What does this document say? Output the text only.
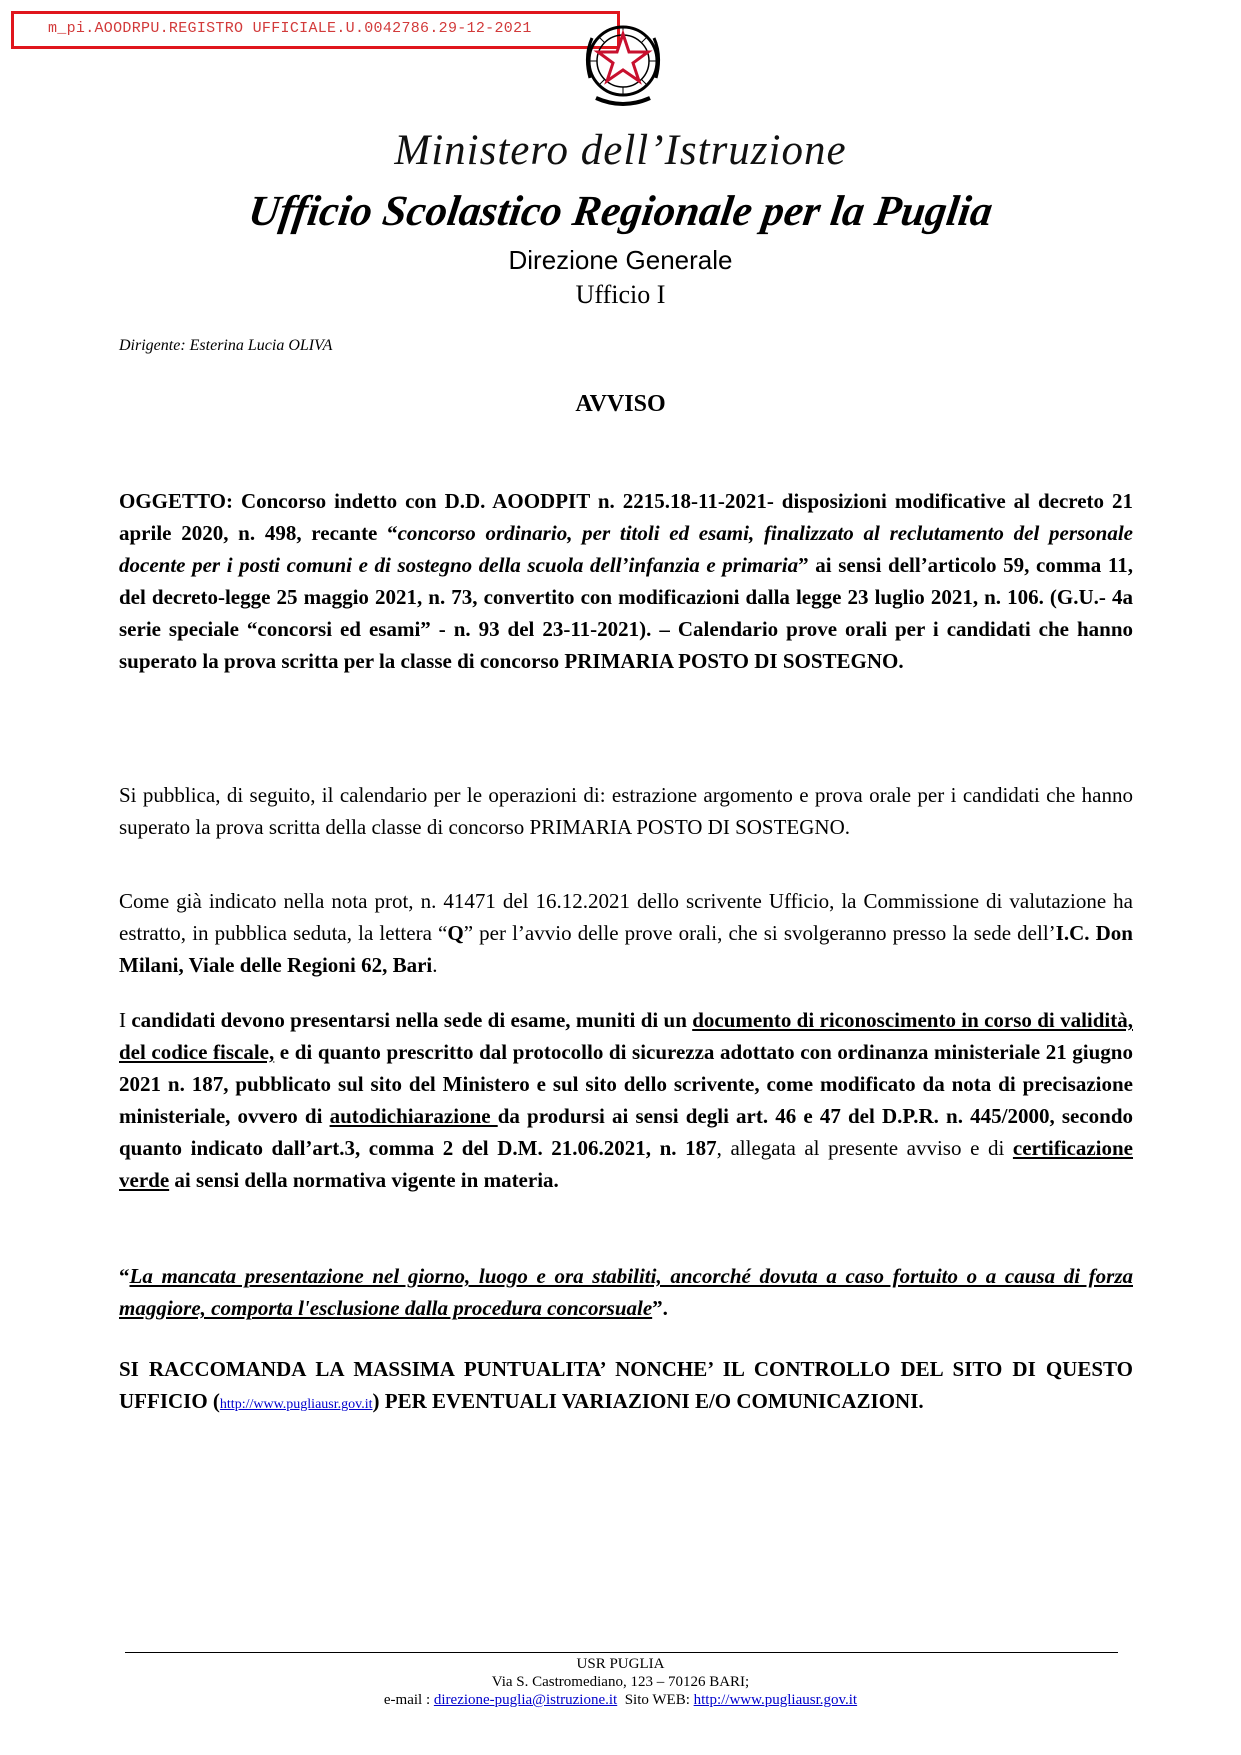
m_pi.AOODRPU.REGISTRO UFFICIALE.U.0042786.29-12-2021
Ministero dell’Istruzione
Ufficio Scolastico Regionale per la Puglia
Direzione Generale
Ufficio I
Dirigente: Esterina Lucia OLIVA
AVVISO
OGGETTO: Concorso indetto con D.D. AOODPIT n. 2215.18-11-2021- disposizioni modificative al decreto 21 aprile 2020, n. 498, recante “concorso ordinario, per titoli ed esami, finalizzato al reclutamento del personale docente per i posti comuni e di sostegno della scuola dell’infanzia e primaria” ai sensi dell’articolo 59, comma 11, del decreto-legge 25 maggio 2021, n. 73, convertito con modificazioni dalla legge 23 luglio 2021, n. 106. (G.U.- 4a serie speciale “concorsi ed esami” - n. 93 del 23-11-2021). – Calendario prove orali per i candidati che hanno superato la prova scritta per la classe di concorso PRIMARIA POSTO DI SOSTEGNO.
Si pubblica, di seguito, il calendario per le operazioni di: estrazione argomento e prova orale per i candidati che hanno superato la prova scritta della classe di concorso PRIMARIA POSTO DI SOSTEGNO.
Come già indicato nella nota prot, n. 41471 del 16.12.2021 dello scrivente Ufficio, la Commissione di valutazione ha estratto, in pubblica seduta, la lettera “Q” per l’avvio delle prove orali, che si svolgeranno presso la sede dell’I.C. Don Milani, Viale delle Regioni 62, Bari.
I candidati devono presentarsi nella sede di esame, muniti di un documento di riconoscimento in corso di validità, del codice fiscale, e di quanto prescritto dal protocollo di sicurezza adottato con ordinanza ministeriale 21 giugno 2021 n. 187, pubblicato sul sito del Ministero e sul sito dello scrivente, come modificato da nota di precisazione ministeriale, ovvero di autodichiarazione da prodursi ai sensi degli art. 46 e 47 del D.P.R. n. 445/2000, secondo quanto indicato dall’art.3, comma 2 del D.M. 21.06.2021, n. 187, allegata al presente avviso e di certificazione verde ai sensi della normativa vigente in materia.
“La mancata presentazione nel giorno, luogo e ora stabiliti, ancorché dovuta a caso fortuito o a causa di forza maggiore, comporta l'esclusione dalla procedura concorsuale”.
SI RACCOMANDA LA MASSIMA PUNTUALITA’ NONCHE’ IL CONTROLLO DEL SITO DI QUESTO UFFICIO (http://www.pugliausr.gov.it) PER EVENTUALI VARIAZIONI E/O COMUNICAZIONI.
USR PUGLIA
Via S. Castromediano, 123 – 70126 BARI;
e-mail : direzione-puglia@istruzione.it  Sito WEB: http://www.pugliausr.gov.it
